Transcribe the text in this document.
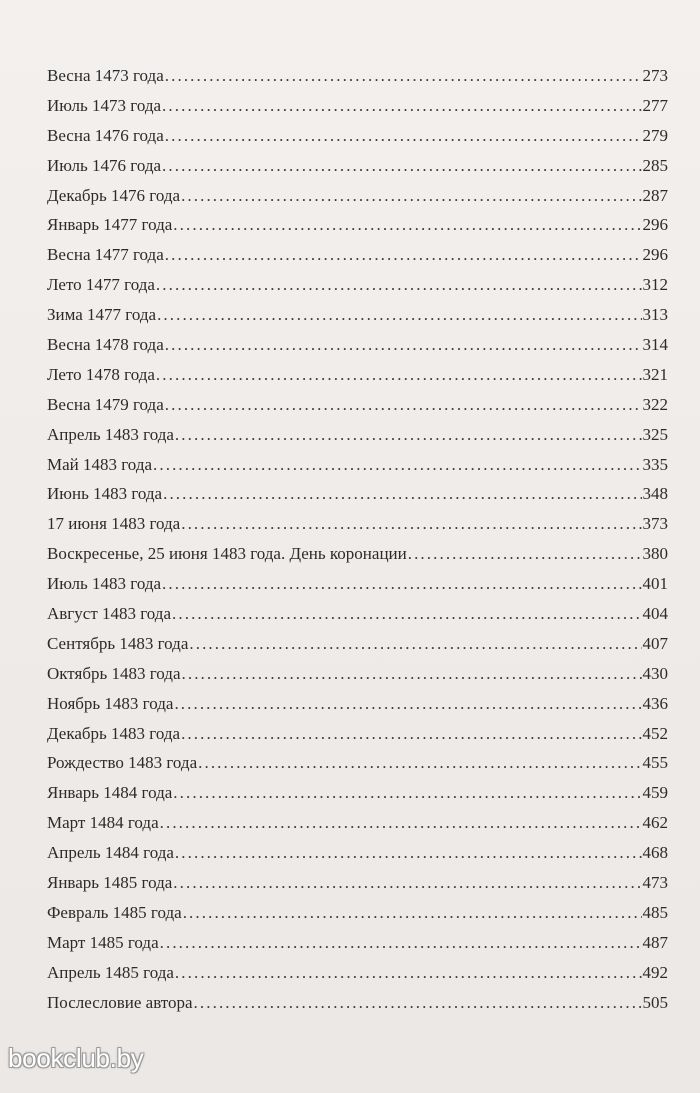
Весна 1473 года .....	273
Июль 1473 года .....	277
Весна 1476 года .....	279
Июль 1476 года .....	285
Декабрь 1476 года .....	287
Январь 1477 года .....	296
Весна 1477 года .....	296
Лето 1477 года .....	312
Зима 1477 года .....	313
Весна 1478 года .....	314
Лето 1478 года .....	321
Весна 1479 года .....	322
Апрель 1483 года .....	325
Май 1483 года .....	335
Июнь 1483 года .....	348
17 июня 1483 года .....	373
Воскресенье, 25 июня 1483 года. День коронации .....	380
Июль 1483 года .....	401
Август 1483 года .....	404
Сентябрь 1483 года .....	407
Октябрь 1483 года .....	430
Ноябрь 1483 года .....	436
Декабрь 1483 года .....	452
Рождество 1483 года .....	455
Январь 1484 года .....	459
Март 1484 года .....	462
Апрель 1484 года .....	468
Январь 1485 года .....	473
Февраль 1485 года .....	485
Март 1485 года .....	487
Апрель 1485 года .....	492
Послесловие автора .....	505
bookclub.by
